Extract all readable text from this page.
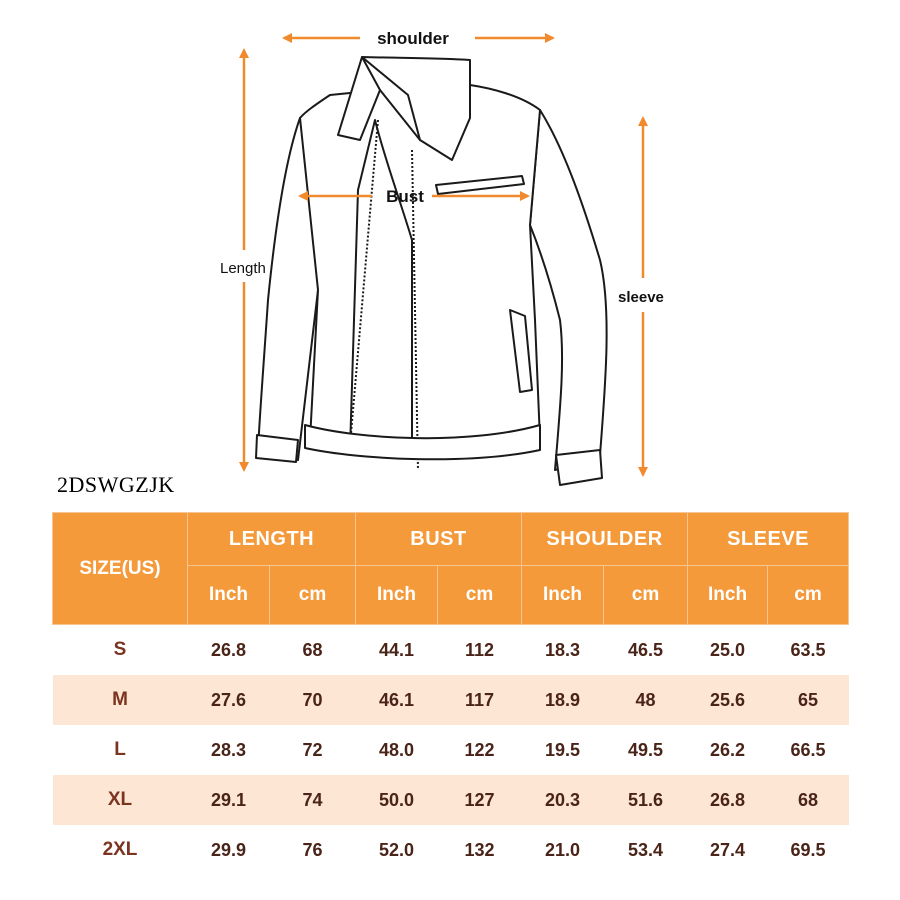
shoulder
Bust
Length
sleeve
2DSWGZJK
SIZE(US)	LENGTH		BUST		SHOULDER		SLEEVE	
	Inch	cm	Inch	cm	Inch	cm	Inch	cm
S	26.8	68	44.1	112	18.3	46.5	25.0	63.5
M	27.6	70	46.1	117	18.9	48	25.6	65
L	28.3	72	48.0	122	19.5	49.5	26.2	66.5
XL	29.1	74	50.0	127	20.3	51.6	26.8	68
2XL	29.9	76	52.0	132	21.0	53.4	27.4	69.5
